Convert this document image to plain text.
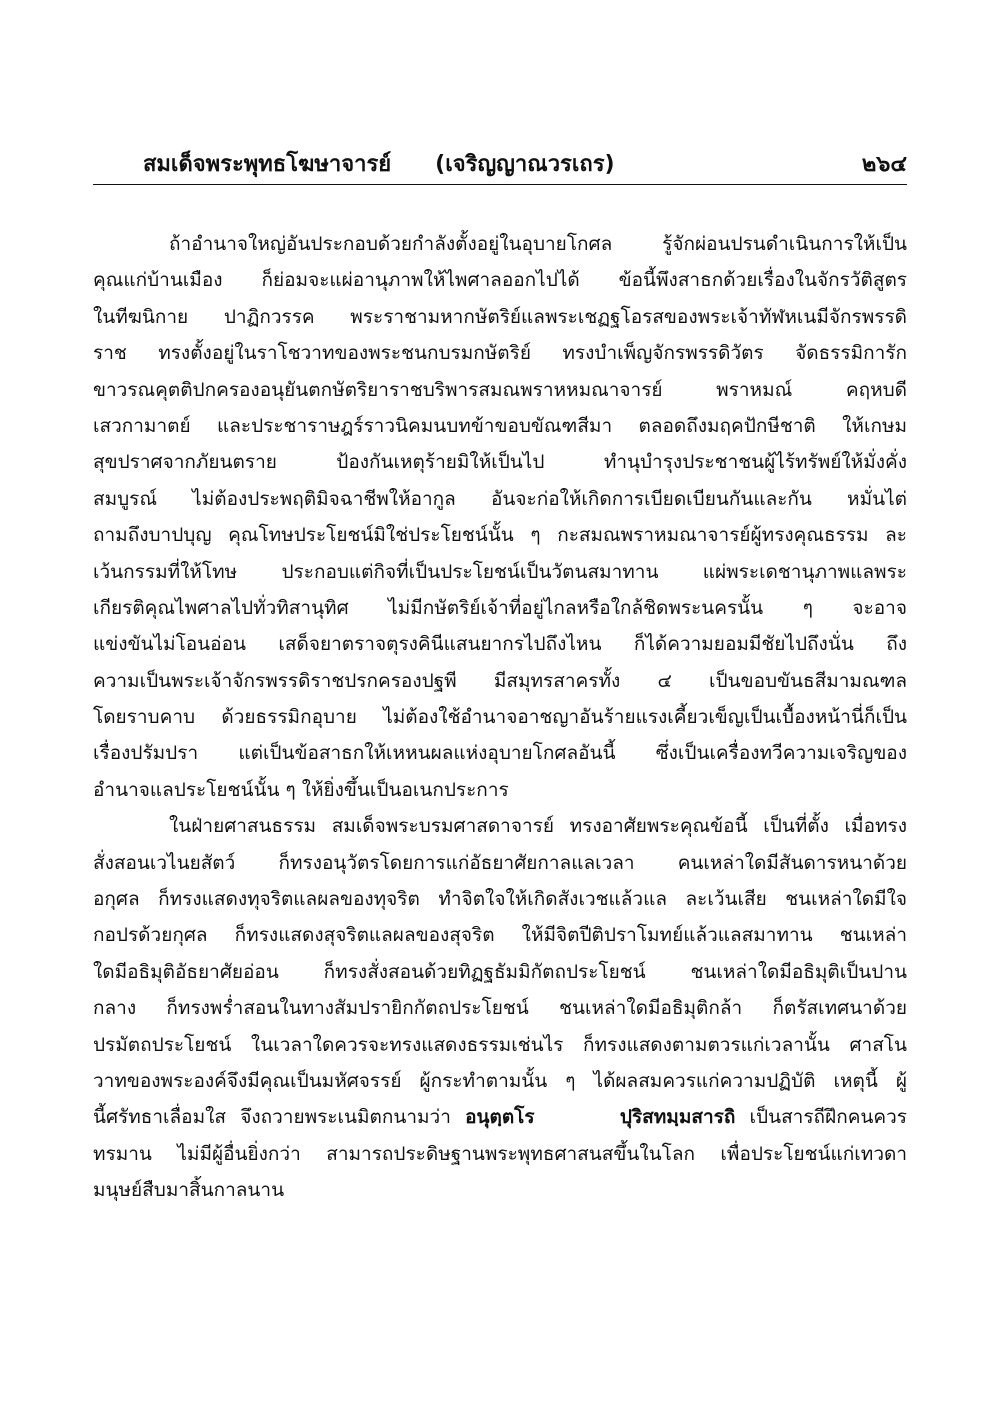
สมเด็จพระพุทธโฆษาจารย์ (เจริญญาณวรเถร)	๒๖๔
ถ้าอำนาจใหญ่อันประกอบด้วยกำลังตั้งอยู่ในอุบายโกศล รู้จักผ่อนปรนดำเนินการให้เป็น
คุณแก่บ้านเมือง ก็ย่อมจะแผ่อานุภาพให้ไพศาลออกไปได้ ข้อนี้พึงสาธกด้วยเรื่องในจักรวัติสูตร
ในทีฆนิกาย ปาฏิกวรรค พระราชามหากษัตริย์แลพระเชฏฐโอรสของพระเจ้าทัฬหเนมีจักรพรรดิ
ราช ทรงตั้งอยู่ในราโชวาทของพระชนกบรมกษัตริย์ ทรงบำเพ็ญจักรพรรดิวัตร จัดธรรมิการัก
ขาวรณคุตติปกครองอนุยันตกษัตริยาราชบริพารสมณพราหหมณาจารย์ พราหมณ์ คฤหบดี
เสวกามาตย์ และประชาราษฎร์ราวนิคมนบทข้าขอบขัณฑสีมา ตลอดถึงมฤคปักษีชาติ ให้เกษม
สุขปราศจากภัยนตราย ป้องกันเหตุร้ายมิให้เป็นไป ทำนุบำรุงประชาชนผู้ไร้ทรัพย์ให้มั่งคั่ง
สมบูรณ์ ไม่ต้องประพฤติมิจฉาชีพให้อากูล อันจะก่อให้เกิดการเบียดเบียนกันและกัน หมั่นไต่
ถามถึงบาปบุญ คุณโทษประโยชน์มิใช่ประโยชน์นั้น ๆ กะสมณพราหมณาจารย์ผู้ทรงคุณธรรม ละ
เว้นกรรมที่ให้โทษ ประกอบแต่กิจที่เป็นประโยชน์เป็นวัตนสมาทาน แผ่พระเดชานุภาพแลพระ
เกียรติคุณไพศาลไปทั่วทิสานุทิศ ไม่มีกษัตริย์เจ้าที่อยู่ไกลหรือใกล้ชิดพระนครนั้น ๆ จะอาจ
แข่งขันไม่โอนอ่อน เสด็จยาตราจตุรงคินีแสนยากรไปถึงไหน ก็ได้ความยอมมีชัยไปถึงนั่น ถึง
ความเป็นพระเจ้าจักรพรรดิราชปรกครองปฐพี มีสมุทรสาครทั้ง ๔ เป็นขอบขันธสีมามณฑล
โดยราบคาบ ด้วยธรรมิกอุบาย ไม่ต้องใช้อำนาจอาชญาอันร้ายแรงเคี้ยวเข็ญเป็นเบื้องหน้านี่ก็เป็น
เรื่องปรัมปรา แต่เป็นข้อสาธกให้เหหนผลแห่งอุบายโกศลอันนี้ ซึ่งเป็นเครื่องทวีความเจริญของ
อำนาจแลประโยชน์นั้น ๆ ให้ยิ่งขึ้นเป็นอเนกประการ
ในฝ่ายศาสนธรรม สมเด็จพระบรมศาสดาจารย์ ทรงอาศัยพระคุณข้อนี้ เป็นที่ตั้ง เมื่อทรง
สั่งสอนเวไนยสัตว์ ก็ทรงอนุวัตรโดยการแก่อัธยาศัยกาลแลเวลา คนเหล่าใดมีสันดารหนาด้วย
อกุศล ก็ทรงแสดงทุจริตแลผลของทุจริต ทำจิตใจให้เกิดสังเวชแล้วแล ละเว้นเสีย ชนเหล่าใดมีใจ
กอปรด้วยกุศล ก็ทรงแสดงสุจริตแลผลของสุจริต ให้มีจิตปีติปราโมทย์แล้วแลสมาทาน ชนเหล่า
ใดมีอธิมุติอัธยาศัยอ่อน ก็ทรงสั่งสอนด้วยทิฏฐธัมมิกัตถประโยชน์ ชนเหล่าใดมีอธิมุติเป็นปาน
กลาง ก็ทรงพร่ำสอนในทางสัมปรายิกกัตถประโยชน์ ชนเหล่าใดมีอธิมุติกล้า ก็ตรัสเทศนาด้วย
ปรมัตถประโยชน์ ในเวลาใดควรจะทรงแสดงธรรมเช่นไร ก็ทรงแสดงตามตวรแก่เวลานั้น ศาสโน
วาทของพระองค์จึงมีคุณเป็นมหัศจรรย์ ผู้กระทำตามนั้น ๆ ได้ผลสมควรแก่ความปฏิบัติ เหตุนี้ ผู้
นี้ศรัทธาเลื่อมใส จึงถวายพระเนมิตกนามว่า อนุตฺตโร	ปุริสทมฺมสารถิ เป็นสารถีฝึกคนควร
ทรมาน ไม่มีผู้อื่นยิ่งกว่า สามารถประดิษฐานพระพุทธศาสนสขึ้นในโลก เพื่อประโยชน์แก่เทวดา
มนุษย์สืบมาสิ้นกาลนาน
